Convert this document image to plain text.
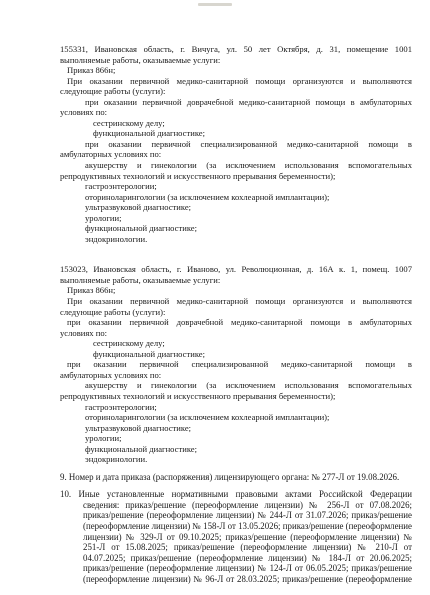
155331, Ивановская область, г. Вичуга, ул. 50 лет Октября, д. 31, помещение 1001

выполняемые работы, оказываемые услуги:

Приказ 866н;

При оказании первичной медико-санитарной помощи организуются и выполняются

следующие работы (услуги):

при оказании первичной доврачебной медико-санитарной помощи в амбулаторных

условиях по:

сестринскому делу;

функциональной диагностике;

при оказании первичной специализированной медико-санитарной помощи в

амбулаторных условиях по:

акушерству и гинекологии (за исключением использования вспомогательных

репродуктивных технологий и искусственного прерывания беременности);

гастроэнтерологии;

оториноларингологии (за исключением кохлеарной имплантации);

ультразвуковой диагностике;

урологии;

функциональной диагностике;

эндокринологии.

153023, Ивановская область, г. Иваново, ул. Революционная, д. 16А к. 1, помещ. 1007

выполняемые работы, оказываемые услуги:

Приказ 866н;

При оказании первичной медико-санитарной помощи организуются и выполняются

следующие работы (услуги):

при оказании первичной доврачебной медико-санитарной помощи в амбулаторных

условиях по:

сестринскому делу;

функциональной диагностике;

при оказании первичной специализированной медико-санитарной помощи в

амбулаторных условиях по:

акушерству и гинекологии (за исключением использования вспомогательных

репродуктивных технологий и искусственного прерывания беременности);

гастроэнтерологии;

оториноларингологии (за исключением кохлеарной имплантации);

ультразвуковой диагностике;

урологии;

функциональной диагностике;

эндокринологии.

9. Номер и дата приказа (распоряжения) лицензирующего органа: № 277-Л от 19.08.2026.

10. Иные установленные нормативными правовыми актами Российской Федерации

сведения: приказ/решение (переоформление лицензии) № 256-Л от 07.08.2026;

приказ/решение (переоформление лицензии) № 244-Л от 31.07.2026; приказ/решение

(переоформление лицензии) № 158-Л от 13.05.2026; приказ/решение (переоформление

лицензии) № 329-Л от 09.10.2025; приказ/решение (переоформление лицензии) №

251-Л от 15.08.2025; приказ/решение (переоформление лицензии) № 210-Л от

04.07.2025; приказ/решение (переоформление лицензии) № 184-Л от 20.06.2025;

приказ/решение (переоформление лицензии) № 124-Л от 06.05.2025; приказ/решение

(переоформление лицензии) № 96-Л от 28.03.2025; приказ/решение (переоформление
